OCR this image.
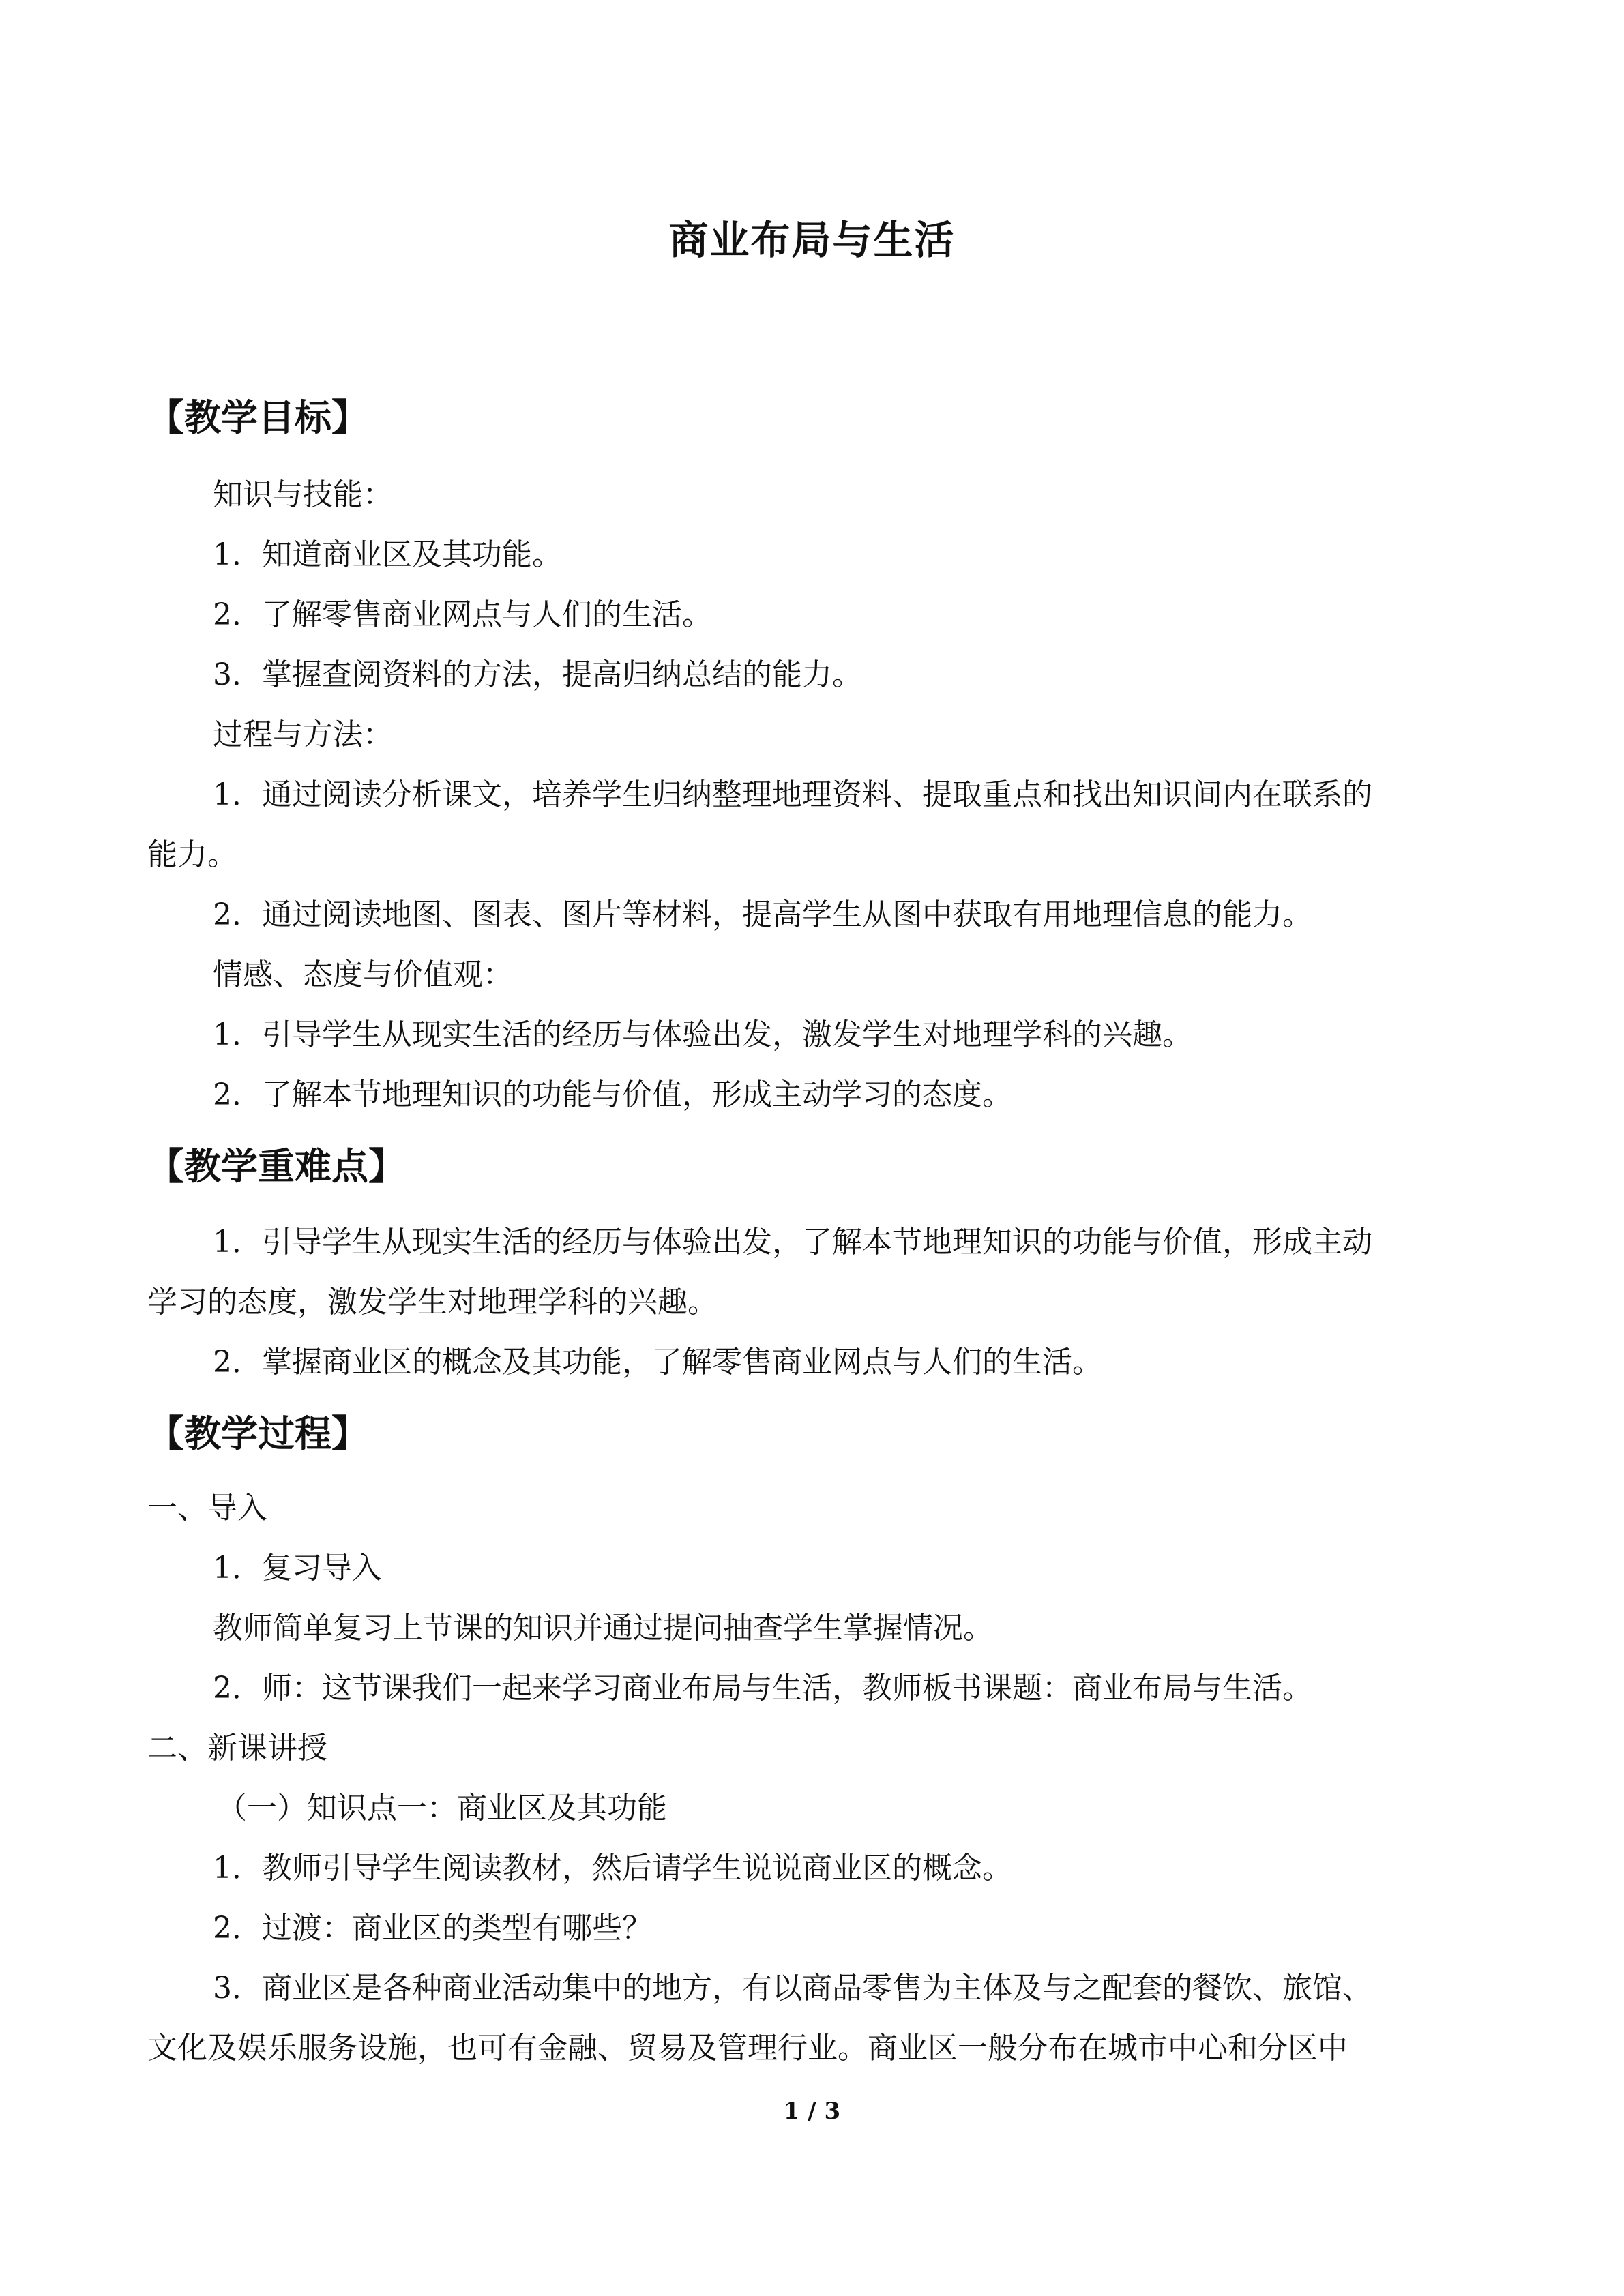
商业布局与生活
【教学目标】
知识与技能：
1．知道商业区及其功能。
2．了解零售商业网点与人们的生活。
3．掌握查阅资料的方法，提高归纳总结的能力。
过程与方法：
1．通过阅读分析课文，培养学生归纳整理地理资料、提取重点和找出知识间内在联系的
能力。
2．通过阅读地图、图表、图片等材料，提高学生从图中获取有用地理信息的能力。
情感、态度与价值观：
1．引导学生从现实生活的经历与体验出发，激发学生对地理学科的兴趣。
2．了解本节地理知识的功能与价值，形成主动学习的态度。
【教学重难点】
1．引导学生从现实生活的经历与体验出发，了解本节地理知识的功能与价值，形成主动
学习的态度，激发学生对地理学科的兴趣。
2．掌握商业区的概念及其功能，了解零售商业网点与人们的生活。
【教学过程】
一、导入
1．复习导入
教师简单复习上节课的知识并通过提问抽查学生掌握情况。
2．师：这节课我们一起来学习商业布局与生活，教师板书课题：商业布局与生活。
二、新课讲授
（一）知识点一：商业区及其功能
1．教师引导学生阅读教材，然后请学生说说商业区的概念。
2．过渡：商业区的类型有哪些？
3．商业区是各种商业活动集中的地方，有以商品零售为主体及与之配套的餐饮、旅馆、
文化及娱乐服务设施，也可有金融、贸易及管理行业。商业区一般分布在城市中心和分区中
1 / 3
